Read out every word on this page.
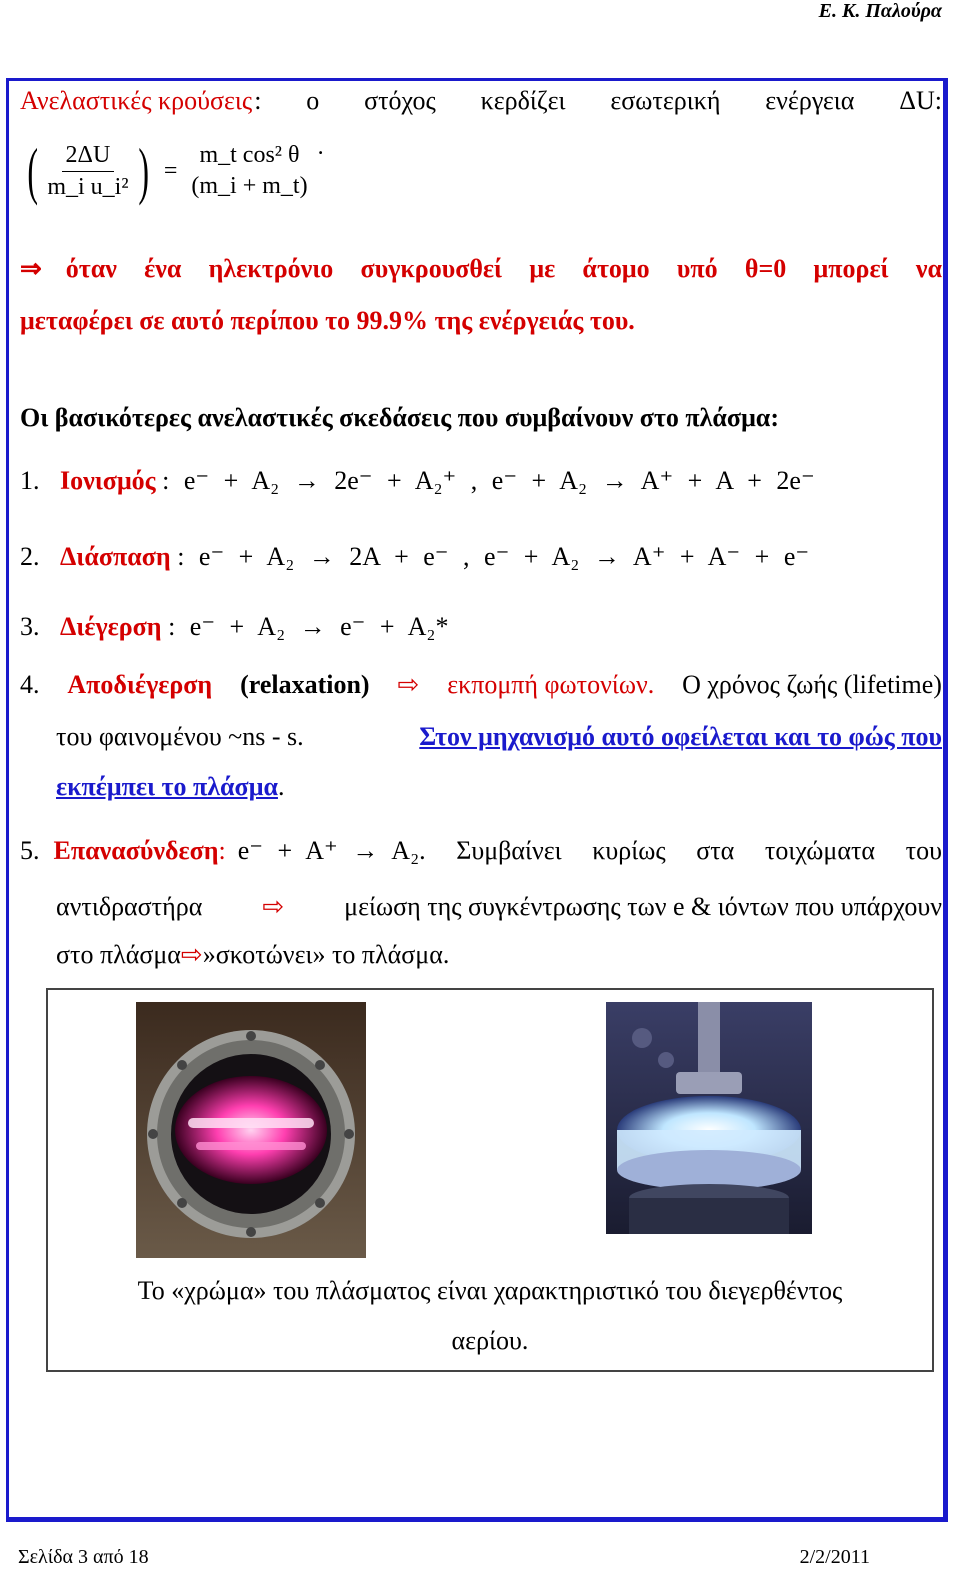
Ε. Κ. Παλούρα
Ανελαστικές κρούσεις : ο στόχος κερδίζει εσωτερική ενέργεια ΔU:
( $\frac{2\Delta U}{\text{m\_i u\_i²}}$ ) =
m_t cos² θ
(m_i + m_t)
.
⇒ όταν ένα ηλεκτρόνιο συγκρουσθεί με άτομο υπό θ=0 μπορεί να
μεταφέρει σε αυτό περίπου το 99.9% της ενέργειάς του.
Οι βασικότερες ανελαστικές σκεδάσεις που συμβαίνουν στο πλάσμα:
1. Ιονισμός : e⁻ + A₂ → 2e⁻ + A₂⁺ , e⁻ + A₂ → A⁺ + A + 2e⁻
2. Διάσπαση : e⁻ + A₂ → 2A + e⁻ , e⁻ + A₂ → A⁺ + A⁻ + e⁻
3. Διέγερση : e⁻ + A₂ → e⁻ + A₂*
4. Αποδιέγερση (relaxation) ⇨ εκπομπή φωτονίων. Ο χρόνος ζωής (lifetime)
του φαινομένου ~ns - s.	Στον μηχανισμό αυτό οφείλεται και το φώς που
εκπέμπει το πλάσμα.
5. Επανασύνδεση : e⁻ + A⁺ → A₂ . Συμβαίνει κυρίως στα τοιχώματα του
αντιδραστήρα ⇨ μείωση της συγκέντρωσης των e & ιόντων που υπάρχουν
στο πλάσμα⇨»σκοτώνει» το πλάσμα.
Το «χρώμα» του πλάσματος είναι χαρακτηριστικό του διεγερθέντος
αερίου.
Σελίδα 3 από 18	2/2/2011
